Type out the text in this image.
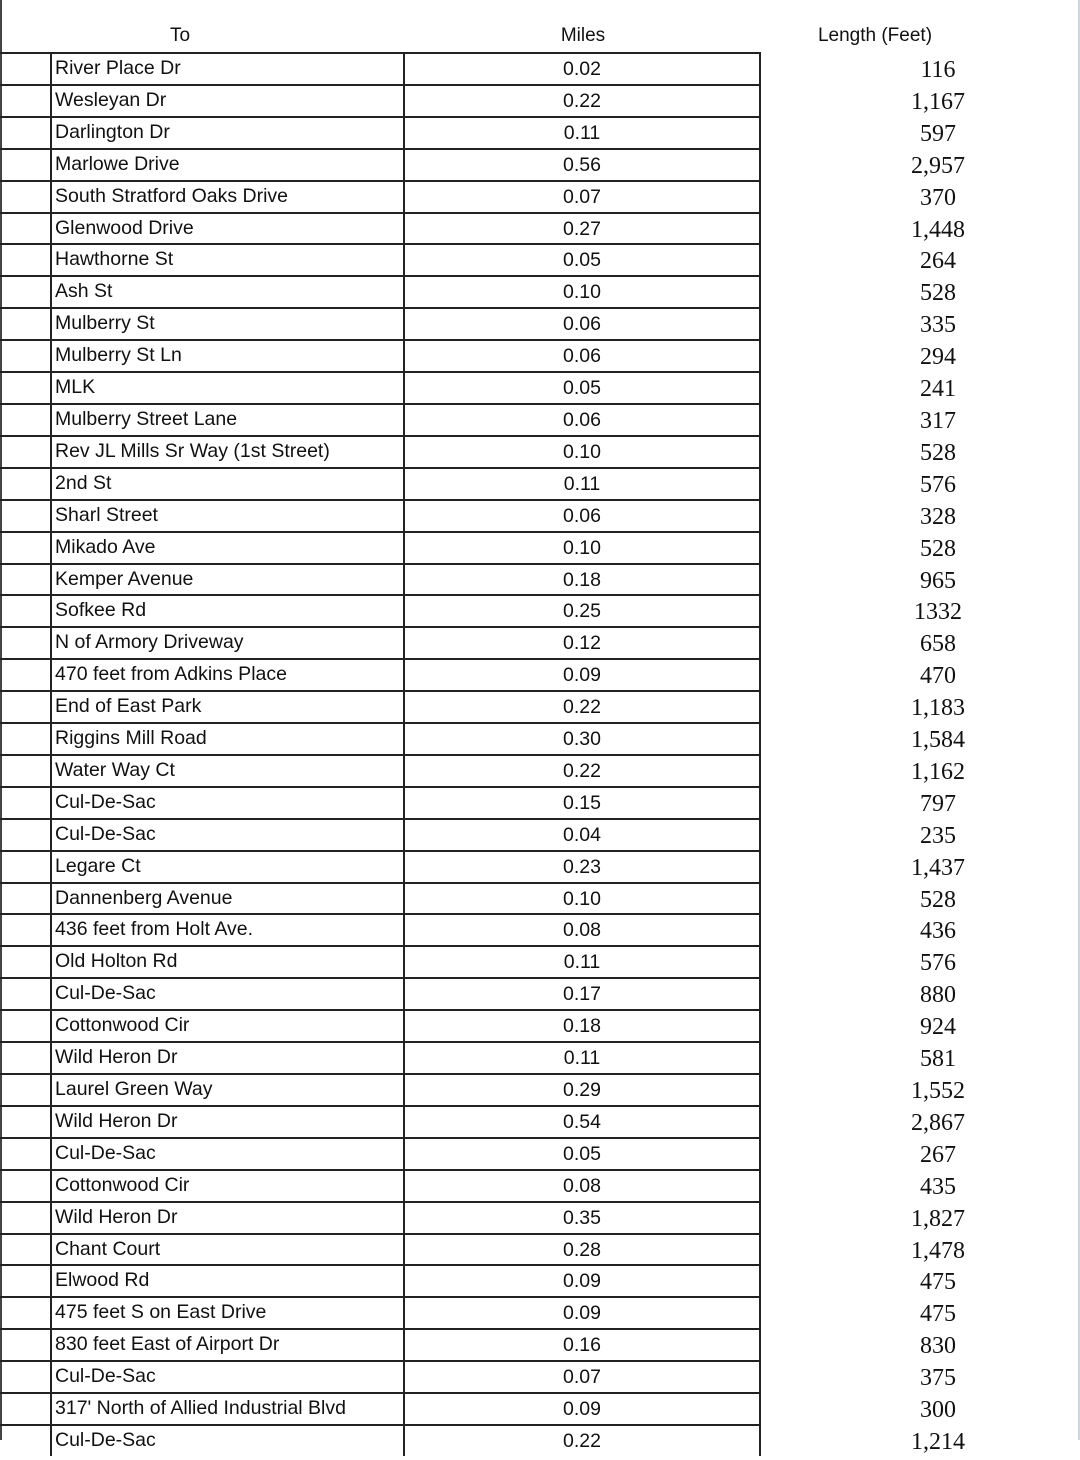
To	Miles	Length (Feet)
River Place Dr	0.02	116
Wesleyan Dr	0.22	1,167
Darlington Dr	0.11	597
Marlowe Drive	0.56	2,957
South Stratford Oaks Drive	0.07	370
Glenwood Drive	0.27	1,448
Hawthorne St	0.05	264
Ash St	0.10	528
Mulberry St	0.06	335
Mulberry St Ln	0.06	294
MLK	0.05	241
Mulberry Street Lane	0.06	317
Rev JL Mills Sr Way (1st Street)	0.10	528
2nd St	0.11	576
Sharl Street	0.06	328
Mikado Ave	0.10	528
Kemper Avenue	0.18	965
Sofkee Rd	0.25	1332
N of Armory Driveway	0.12	658
470 feet from Adkins Place	0.09	470
End of East Park	0.22	1,183
Riggins Mill Road	0.30	1,584
Water Way Ct	0.22	1,162
Cul-De-Sac	0.15	797
Cul-De-Sac	0.04	235
Legare Ct	0.23	1,437
Dannenberg Avenue	0.10	528
436 feet from Holt Ave.	0.08	436
Old Holton Rd	0.11	576
Cul-De-Sac	0.17	880
Cottonwood Cir	0.18	924
Wild Heron Dr	0.11	581
Laurel Green Way	0.29	1,552
Wild Heron Dr	0.54	2,867
Cul-De-Sac	0.05	267
Cottonwood Cir	0.08	435
Wild Heron Dr	0.35	1,827
Chant Court	0.28	1,478
Elwood Rd	0.09	475
475 feet S on East Drive	0.09	475
830 feet East of Airport Dr	0.16	830
Cul-De-Sac	0.07	375
317' North of Allied Industrial Blvd	0.09	300
Cul-De-Sac	0.22	1,214
